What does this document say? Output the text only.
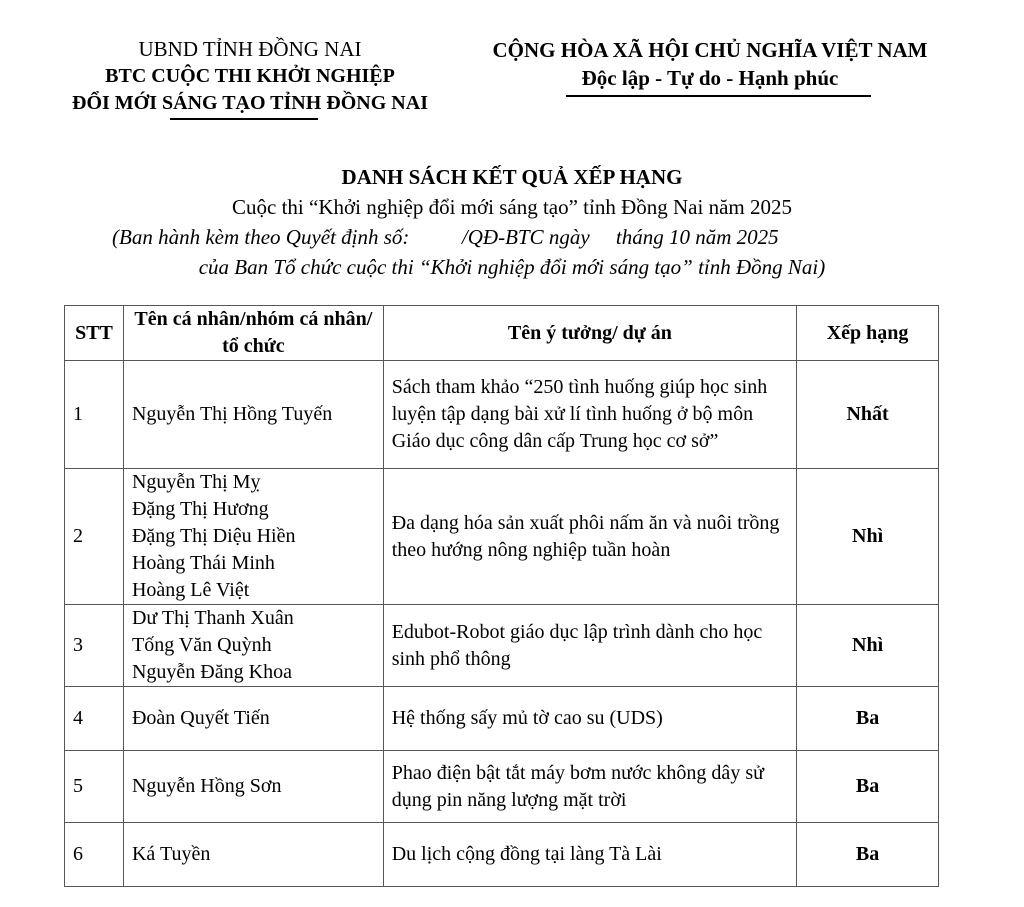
UBND TỈNH ĐỒNG NAI
BTC CUỘC THI KHỞI NGHIỆP
ĐỔI MỚI SÁNG TẠO TỈNH ĐỒNG NAI
CỘNG HÒA XÃ HỘI CHỦ NGHĨA VIỆT NAM
Độc lập - Tự do - Hạnh phúc
DANH SÁCH KẾT QUẢ XẾP HẠNG
Cuộc thi “Khởi nghiệp đổi mới sáng tạo” tỉnh Đồng Nai năm 2025
(Ban hành kèm theo Quyết định số:          /QĐ-BTC ngày     tháng 10 năm 2025
của Ban Tổ chức cuộc thi “Khởi nghiệp đổi mới sáng tạo” tỉnh Đồng Nai)
STT	Tên cá nhân/nhóm cá nhân/ tổ chức	Tên ý tưởng/ dự án	Xếp hạng
1	Nguyễn Thị Hồng Tuyến	Sách tham khảo “250 tình huống giúp học sinh luyện tập dạng bài xử lí tình huống ở bộ môn Giáo dục công dân cấp Trung học cơ sở”	Nhất
2	Nguyễn Thị Mỵ
Đặng Thị Hương
Đặng Thị Diệu Hiền
Hoàng Thái Minh
Hoàng Lê Việt	Đa dạng hóa sản xuất phôi nấm ăn và nuôi trồng theo hướng nông nghiệp tuần hoàn	Nhì
3	Dư Thị Thanh Xuân
Tống Văn Quỳnh
Nguyễn Đăng Khoa	Edubot-Robot giáo dục lập trình dành cho học sinh phổ thông	Nhì
4	Đoàn Quyết Tiến	Hệ thống sấy mủ tờ cao su (UDS)	Ba
5	Nguyễn Hồng Sơn	Phao điện bật tắt máy bơm nước không dây sử dụng pin năng lượng mặt trời	Ba
6	Ká Tuyền	Du lịch cộng đồng tại làng Tà Lài	Ba
